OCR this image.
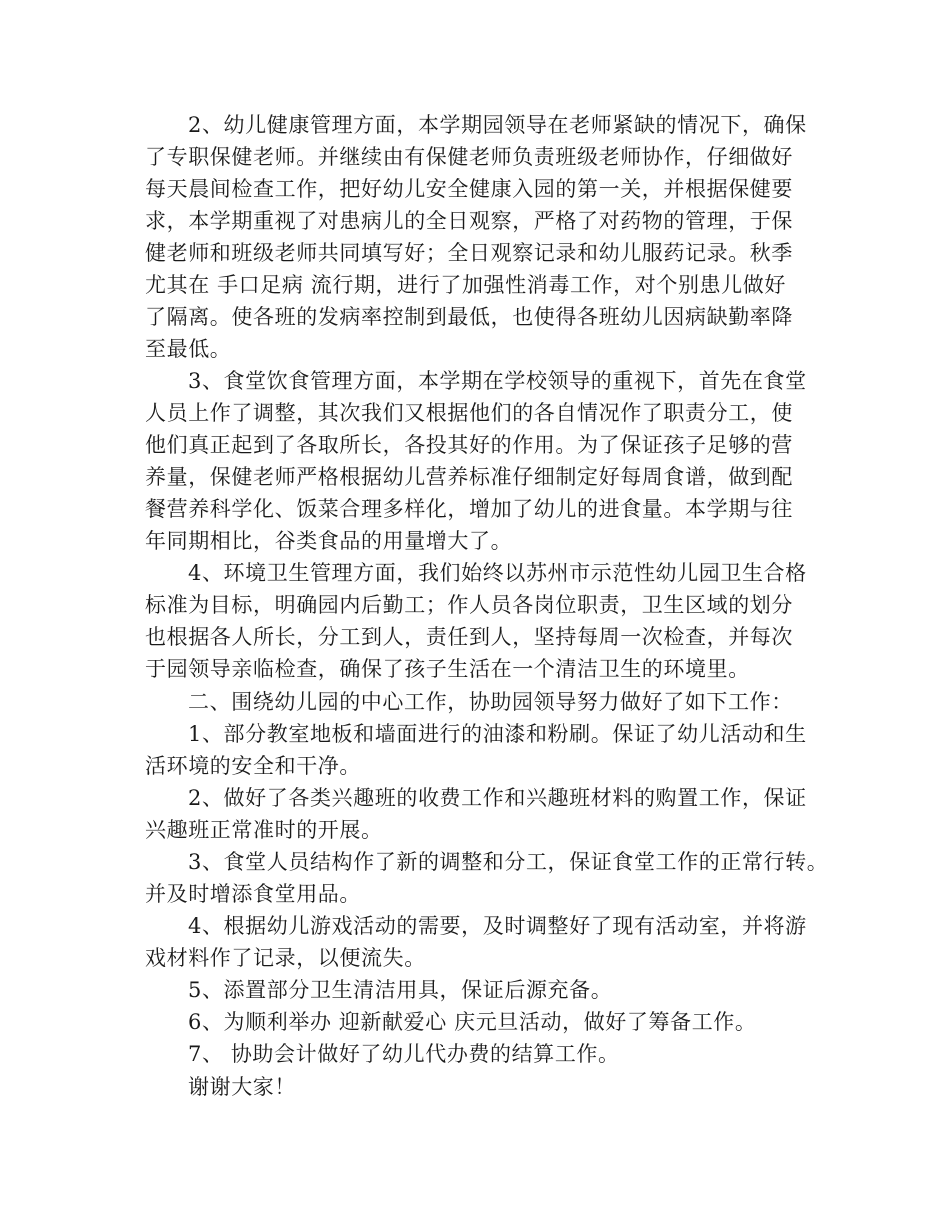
2、幼儿健康管理方面，本学期园领导在老师紧缺的情况下，确保
了专职保健老师。并继续由有保健老师负责班级老师协作，仔细做好
每天晨间检查工作，把好幼儿安全健康入园的第一关，并根据保健要
求，本学期重视了对患病儿的全日观察，严格了对药物的管理，于保
健老师和班级老师共同填写好；全日观察记录和幼儿服药记录。秋季
尤其在 手口足病 流行期，进行了加强性消毒工作，对个别患儿做好
了隔离。使各班的发病率控制到最低，也使得各班幼儿因病缺勤率降
至最低。
3、食堂饮食管理方面，本学期在学校领导的重视下，首先在食堂
人员上作了调整，其次我们又根据他们的各自情况作了职责分工，使
他们真正起到了各取所长，各投其好的作用。为了保证孩子足够的营
养量，保健老师严格根据幼儿营养标准仔细制定好每周食谱，做到配
餐营养科学化、饭菜合理多样化，增加了幼儿的进食量。本学期与往
年同期相比，谷类食品的用量增大了。
4、环境卫生管理方面，我们始终以苏州市示范性幼儿园卫生合格
标准为目标，明确园内后勤工；作人员各岗位职责，卫生区域的划分
也根据各人所长，分工到人，责任到人，坚持每周一次检查，并每次
于园领导亲临检查，确保了孩子生活在一个清洁卫生的环境里。
二、围绕幼儿园的中心工作，协助园领导努力做好了如下工作：
1、部分教室地板和墙面进行的油漆和粉刷。保证了幼儿活动和生
活环境的安全和干净。
2、做好了各类兴趣班的收费工作和兴趣班材料的购置工作，保证
兴趣班正常准时的开展。
3、食堂人员结构作了新的调整和分工，保证食堂工作的正常行转。
并及时增添食堂用品。
4、根据幼儿游戏活动的需要，及时调整好了现有活动室，并将游
戏材料作了记录，以便流失。
5、添置部分卫生清洁用具，保证后源充备。
6、为顺利举办 迎新献爱心 庆元旦活动，做好了筹备工作。
7、 协助会计做好了幼儿代办费的结算工作。
谢谢大家！
